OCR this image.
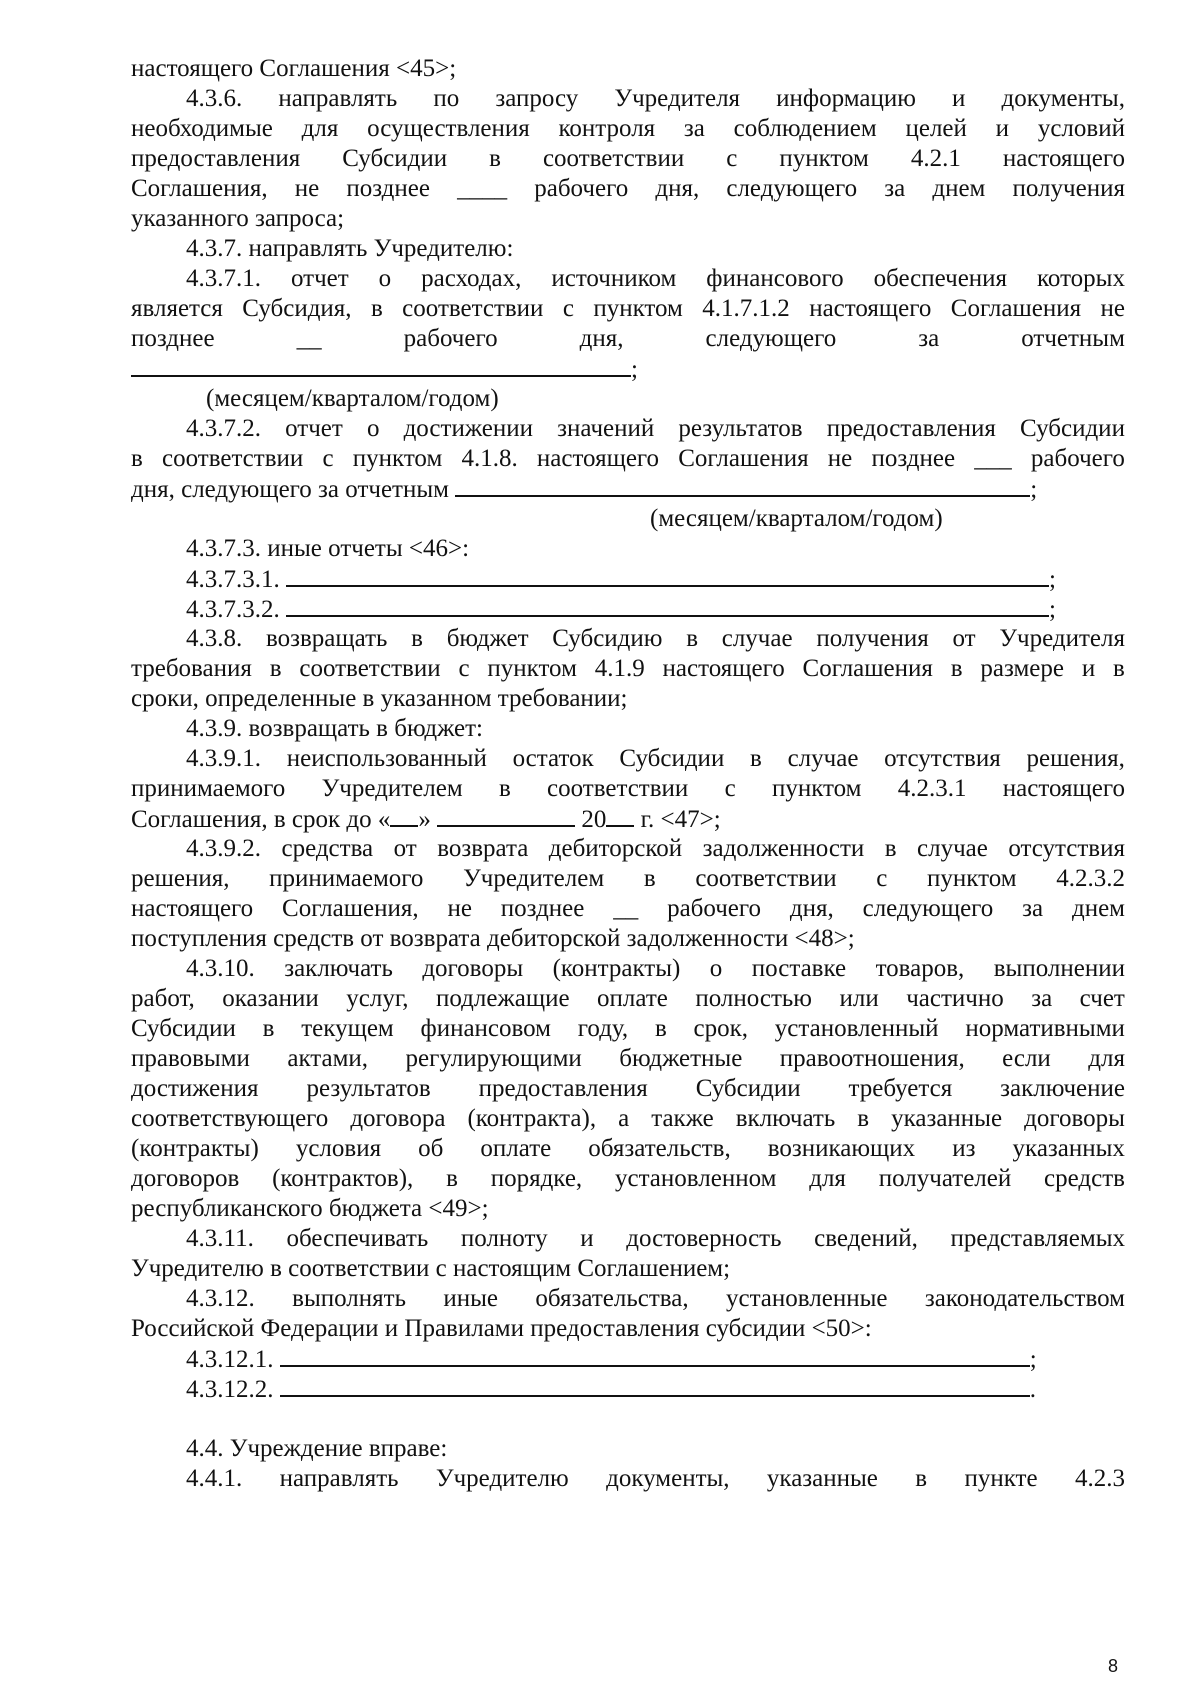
настоящего Соглашения <45>;
4.3.6. направлять по запросу Учредителя информацию и документы,
необходимые для осуществления контроля за соблюдением целей и условий
предоставления Субсидии в соответствии с пунктом 4.2.1 настоящего
Соглашения, не позднее ____ рабочего дня, следующего за днем получения
указанного запроса;
4.3.7. направлять Учредителю:
4.3.7.1. отчет о расходах, источником финансового обеспечения которых
является Субсидия, в соответствии с пунктом 4.1.7.1.2 настоящего Соглашения не
позднее	__	рабочего	дня,	следующего	за	отчетным
;
(месяцем/кварталом/годом)
4.3.7.2. отчет о достижении значений результатов предоставления Субсидии
в соответствии с пунктом 4.1.8. настоящего Соглашения не позднее ___ рабочего
дня, следующего за отчетным	;
(месяцем/кварталом/годом)
4.3.7.3. иные отчеты <46>:
4.3.7.3.1.	;
4.3.7.3.2.	;
4.3.8. возвращать в бюджет Субсидию в случае получения от Учредителя
требования в соответствии с пунктом 4.1.9 настоящего Соглашения в размере и в
сроки, определенные в указанном требовании;
4.3.9. возвращать в бюджет:
4.3.9.1. неиспользованный остаток Субсидии в случае отсутствия решения,
принимаемого Учредителем в соответствии с пунктом 4.2.3.1 настоящего
Соглашения, в срок до « »	20 г. <47>;
4.3.9.2. средства от возврата дебиторской задолженности в случае отсутствия
решения, принимаемого Учредителем в соответствии с пунктом 4.2.3.2
настоящего Соглашения, не позднее __ рабочего дня, следующего за днем
поступления средств от возврата дебиторской задолженности <48>;
4.3.10. заключать договоры (контракты) о поставке товаров, выполнении
работ, оказании услуг, подлежащие оплате полностью или частично за счет
Субсидии в текущем финансовом году, в срок, установленный нормативными
правовыми актами, регулирующими бюджетные правоотношения, если для
достижения результатов предоставления Субсидии требуется заключение
соответствующего договора (контракта), а также включать в указанные договоры
(контракты) условия об оплате обязательств, возникающих из указанных
договоров (контрактов), в порядке, установленном для получателей средств
республиканского бюджета <49>;
4.3.11. обеспечивать полноту и достоверность сведений, представляемых
Учредителю в соответствии с настоящим Соглашением;
4.3.12. выполнять иные обязательства, установленные законодательством
Российской Федерации и Правилами предоставления субсидии <50>:
4.3.12.1.	;
4.3.12.2.	.
4.4. Учреждение вправе:
4.4.1. направлять Учредителю документы, указанные в пункте 4.2.3
8
